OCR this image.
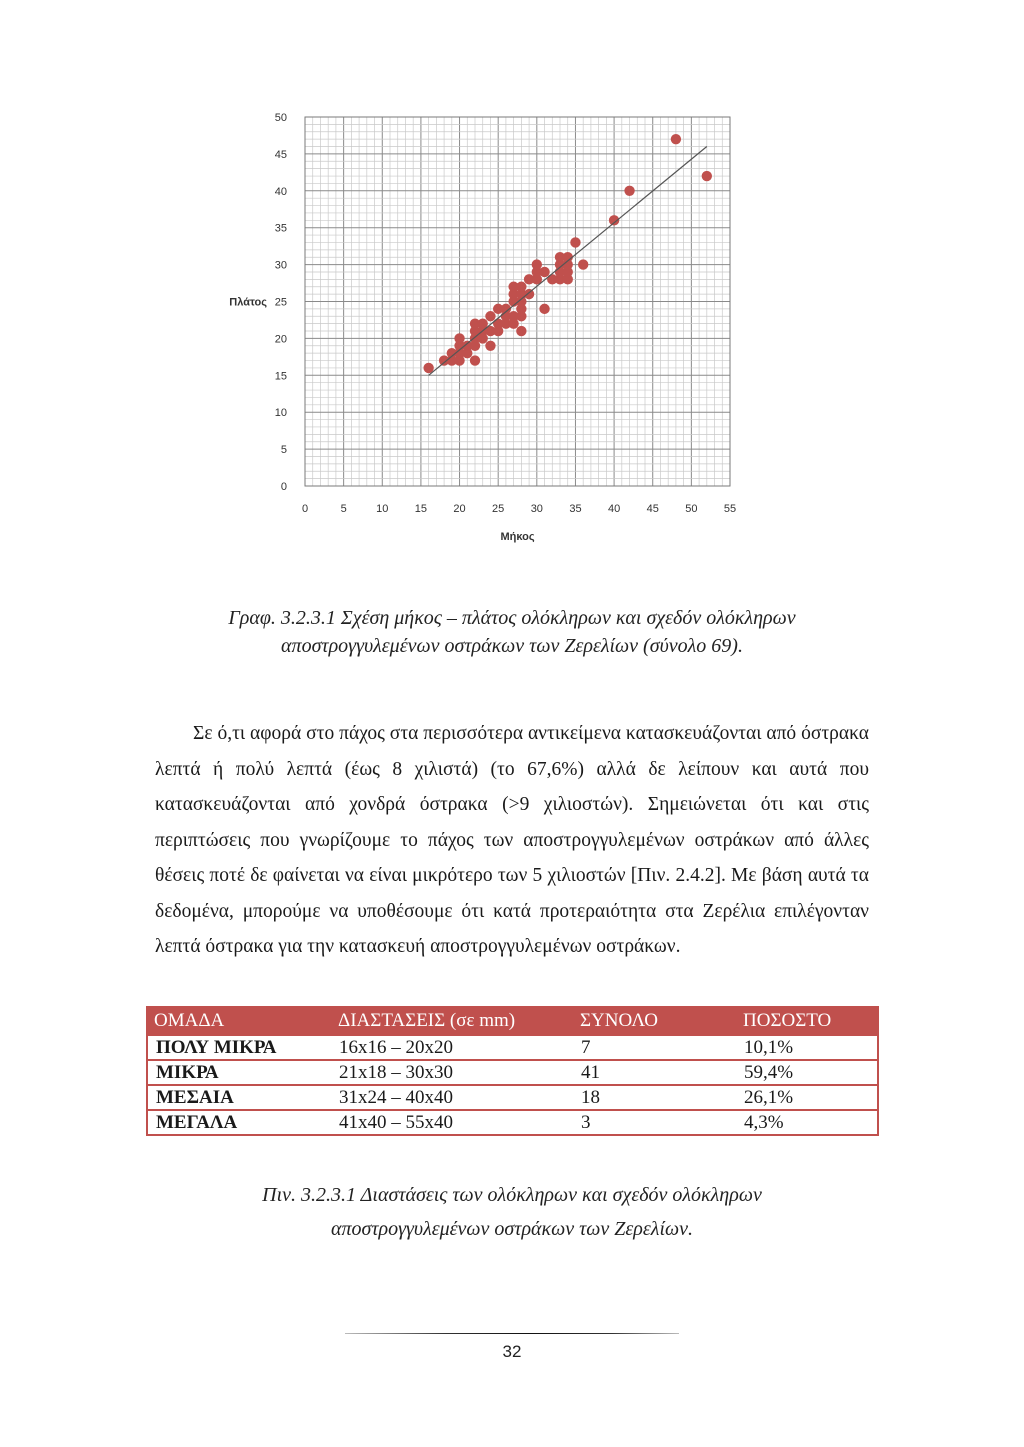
0	5	10 15 20 25 30 35 40 45 50 55
0
5
10
15
20
25
30
35
40
45
50
Μήκος
Πλάτος

Γραφ. 3.2.3.1 Σχέση μήκος – πλάτος ολόκληρων και σχεδόν ολόκληρων

αποστρογγυλεμένων οστράκων των Ζερελίων (σύνολο 69).

Σε ό,τι αφορά στο πάχος στα περισσότερα αντικείμενα κατασκευάζονται από όστρακα λεπτά ή πολύ λεπτά (έως 8 χιλιστά) (το 67,6%) αλλά δε λείπουν και αυτά που κατασκευάζονται από χονδρά όστρακα (>9 χιλιοστών). Σημειώνεται ότι και στις περιπτώσεις που γνωρίζουμε το πάχος των αποστρογγυλεμένων οστράκων από άλλες θέσεις ποτέ δε φαίνεται να είναι μικρότερο των 5 χιλιοστών [Πιν. 2.4.2]. Με βάση αυτά τα δεδομένα, μπορούμε να υποθέσουμε ότι κατά προτεραιότητα στα Ζερέλια επιλέγονταν λεπτά όστρακα για την κατασκευή αποστρογγυλεμένων οστράκων.

ΟΜΑΔΑ	ΔΙΑΣΤΑΣΕΙΣ (σε mm)	ΣΥΝΟΛΟ	ΠΟΣΟΣΤΟ
ΠΟΛΥ ΜΙΚΡΑ	16x16 – 20x20	7	10,1%
ΜΙΚΡΑ	21x18 – 30x30	41	59,4%
ΜΕΣΑΙΑ	31x24 – 40x40	18	26,1%
ΜΕΓΑΛΑ	41x40 – 55x40	3	4,3%

Πιν. 3.2.3.1 Διαστάσεις των ολόκληρων και σχεδόν ολόκληρων

αποστρογγυλεμένων οστράκων των Ζερελίων.

32
